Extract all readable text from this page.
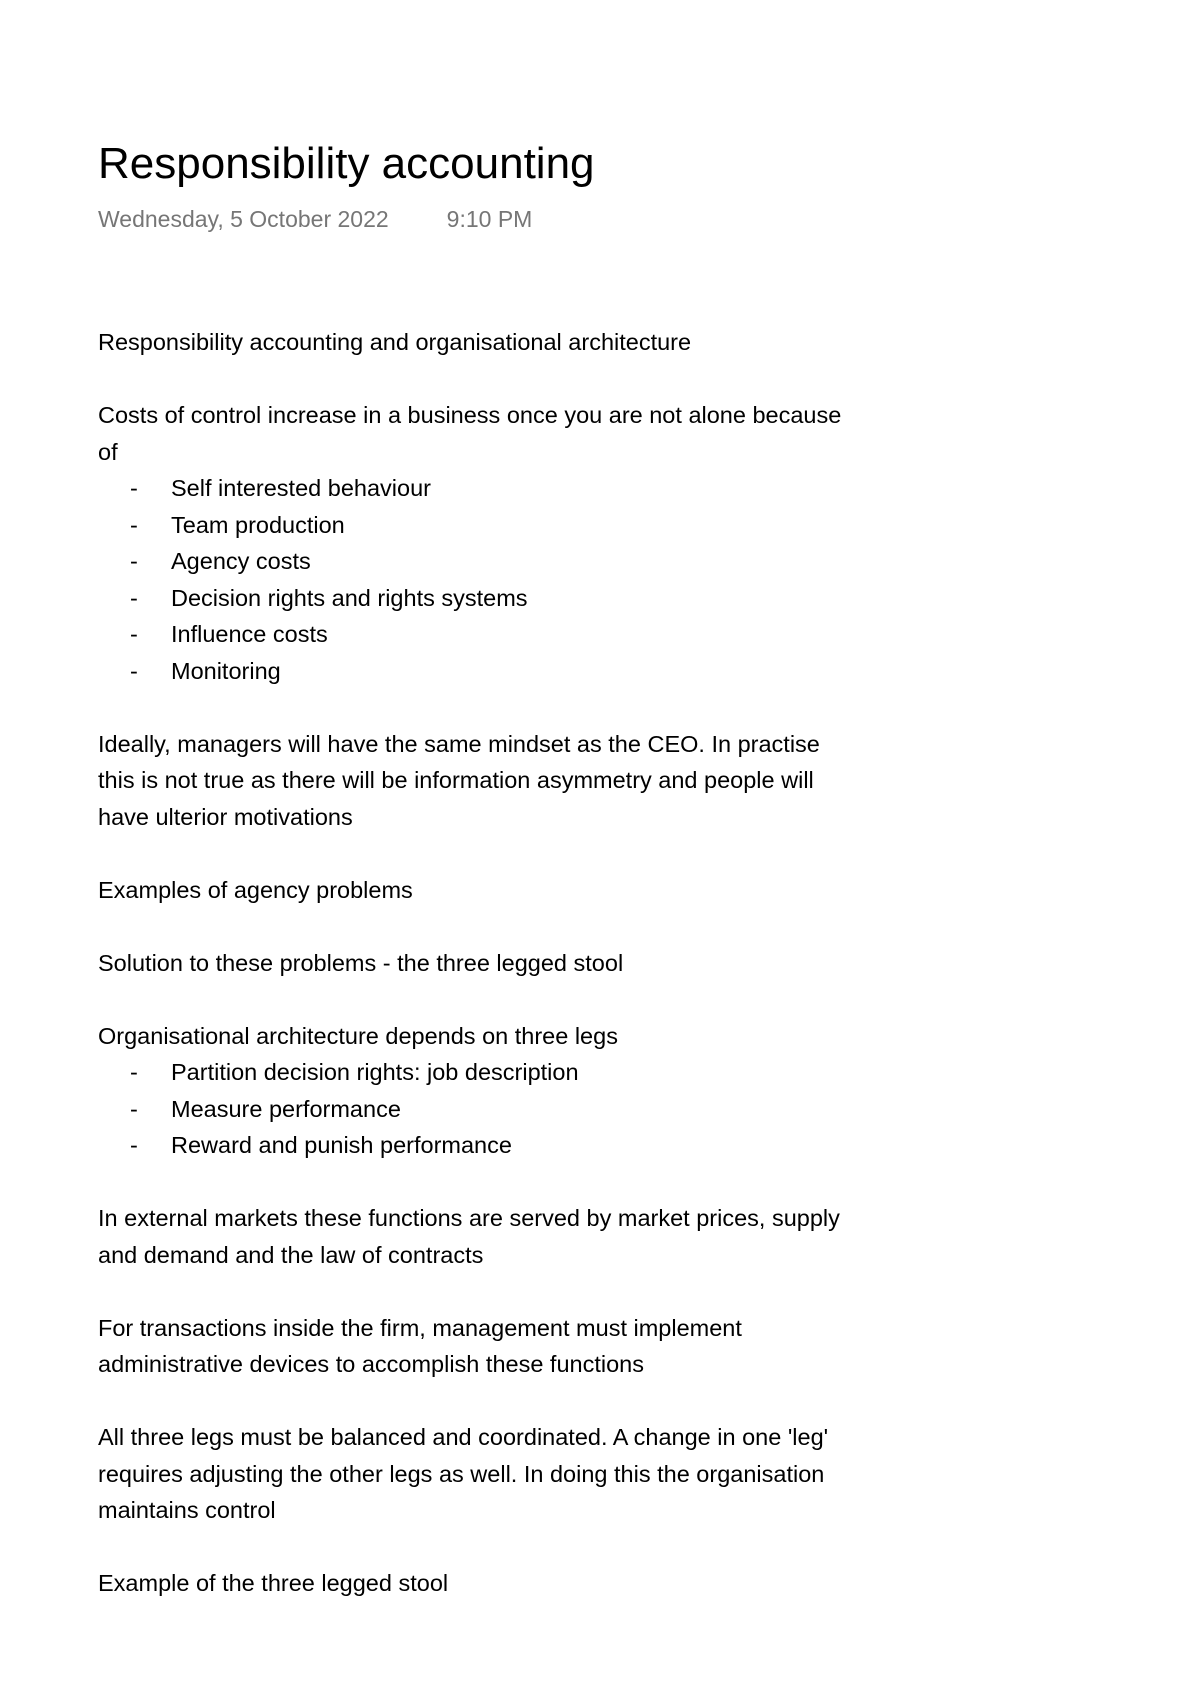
Responsibility accounting
Wednesday, 5 October 2022	9:10 PM

Responsibility accounting and organisational architecture

Costs of control increase in a business once you are not alone because

of

- Self interested behaviour
- Team production
- Agency costs
- Decision rights and rights systems
- Influence costs
- Monitoring

Ideally, managers will have the same mindset as the CEO. In practise

this is not true as there will be information asymmetry and people will

have ulterior motivations

Examples of agency problems

Solution to these problems - the three legged stool

Organisational architecture depends on three legs

- Partition decision rights: job description
- Measure performance
- Reward and punish performance

In external markets these functions are served by market prices, supply

and demand and the law of contracts

For transactions inside the firm, management must implement

administrative devices to accomplish these functions

All three legs must be balanced and coordinated. A change in one 'leg'

requires adjusting the other legs as well. In doing this the organisation

maintains control

Example of the three legged stool
